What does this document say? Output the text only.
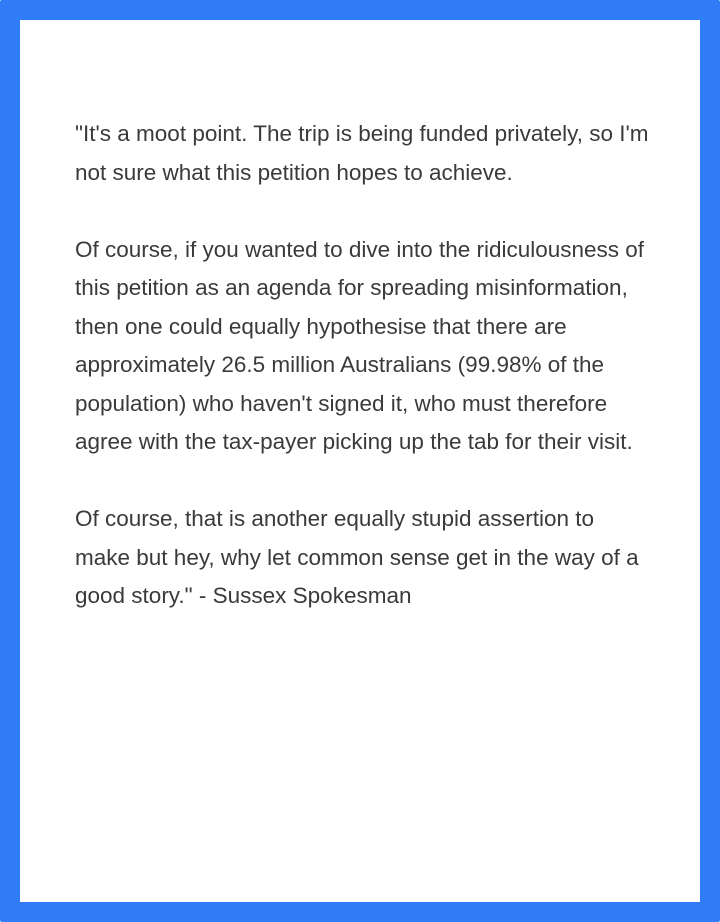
"It's a moot point. The trip is being funded privately, so I'm not sure what this petition hopes to achieve.

Of course, if you wanted to dive into the ridiculousness of this petition as an agenda for spreading misinformation, then one could equally hypothesise that there are approximately 26.5 million Australians (99.98% of the population) who haven't signed it, who must therefore agree with the tax-payer picking up the tab for their visit.

Of course, that is another equally stupid assertion to make but hey, why let common sense get in the way of a good story." - Sussex Spokesman
